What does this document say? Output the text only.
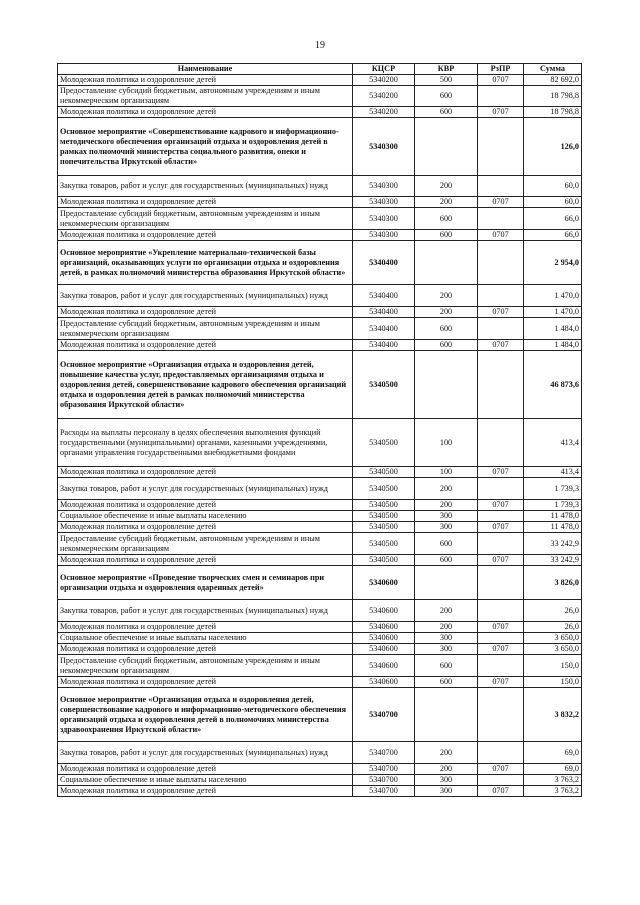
19
Наименование	КЦСР	КВР	РзПР	Сумма
Молодежная политика и оздоровление детей	5340200	500	0707	82 692,0
Предоставление субсидий бюджетным, автономным учреждениям и иным некоммерческим организациям	5340200	600		18 798,8
Молодежная политика и оздоровление детей	5340200	600	0707	18 798,8
Основное мероприятие «Совершенствование кадрового и информационно-методического обеспечения организаций отдыха и оздоровления детей в рамках полномочий министерства социального развития, опеки и попечительства Иркутской области»	5340300			126,0
Закупка товаров, работ и услуг для государственных (муниципальных) нужд	5340300	200		60,0
Молодежная политика и оздоровление детей	5340300	200	0707	60,0
Предоставление субсидий бюджетным, автономным учреждениям и иным некоммерческим организациям	5340300	600		66,0
Молодежная политика и оздоровление детей	5340300	600	0707	66,0
Основное мероприятие «Укрепление материально-технической базы организаций, оказывающих услуги по организации отдыха и оздоровления детей, в рамках полномочий министерства образования Иркутской области»	5340400			2 954,0
Закупка товаров, работ и услуг для государственных (муниципальных) нужд	5340400	200		1 470,0
Молодежная политика и оздоровление детей	5340400	200	0707	1 470,0
Предоставление субсидий бюджетным, автономным учреждениям и иным некоммерческим организациям	5340400	600		1 484,0
Молодежная политика и оздоровление детей	5340400	600	0707	1 484,0
Основное мероприятие «Организация отдыха и оздоровления детей, повышение качества услуг, предоставляемых организациями отдыха и оздоровления детей, совершенствование кадрового обеспечения организаций отдыха и оздоровления детей в рамках полномочий министерства образования Иркутской области»	5340500			46 873,6
Расходы на выплаты персоналу в целях обеспечения выполнения функций государственными (муниципальными) органами, казенными учреждениями, органами управления государственными внебюджетными фондами	5340500	100		413,4
Молодежная политика и оздоровление детей	5340500	100	0707	413,4
Закупка товаров, работ и услуг для государственных (муниципальных) нужд	5340500	200		1 739,3
Молодежная политика и оздоровление детей	5340500	200	0707	1 739,3
Социальное обеспечение и иные выплаты населению	5340500	300		11 478,0
Молодежная политика и оздоровление детей	5340500	300	0707	11 478,0
Предоставление субсидий бюджетным, автономным учреждениям и иным некоммерческим организациям	5340500	600		33 242,9
Молодежная политика и оздоровление детей	5340500	600	0707	33 242,9
Основное мероприятие «Проведение творческих смен и семинаров при организации отдыха и оздоровления одаренных детей»	5340600			3 826,0
Закупка товаров, работ и услуг для государственных (муниципальных) нужд	5340600	200		26,0
Молодежная политика и оздоровление детей	5340600	200	0707	26,0
Социальное обеспечение и иные выплаты населению	5340600	300		3 650,0
Молодежная политика и оздоровление детей	5340600	300	0707	3 650,0
Предоставление субсидий бюджетным, автономным учреждениям и иным некоммерческим организациям	5340600	600		150,0
Молодежная политика и оздоровление детей	5340600	600	0707	150,0
Основное мероприятие «Организация отдыха и оздоровления детей, совершенствование кадрового и информационно-методического обеспечения организаций отдыха и оздоровления детей в полномочиях министерства здравоохранения Иркутской области»	5340700			3 832,2
Закупка товаров, работ и услуг для государственных (муниципальных) нужд	5340700	200		69,0
Молодежная политика и оздоровление детей	5340700	200	0707	69,0
Социальное обеспечение и иные выплаты населению	5340700	300		3 763,2
Молодежная политика и оздоровление детей	5340700	300	0707	3 763,2
